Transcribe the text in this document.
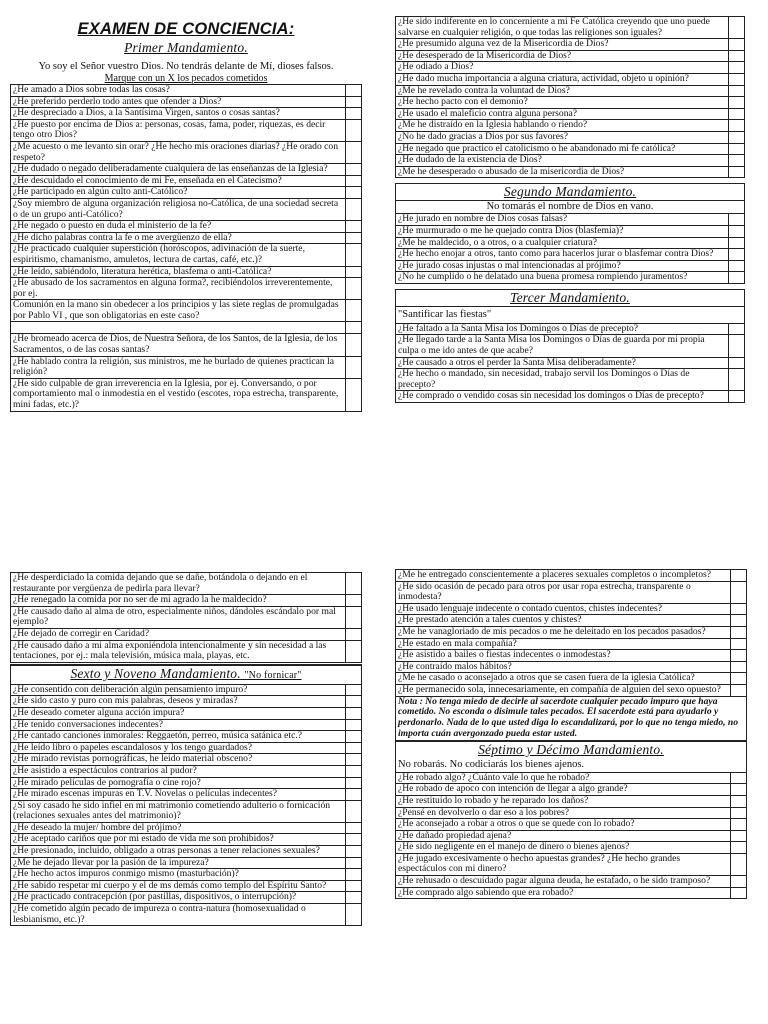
EXAMEN DE CONCIENCIA:
Primer Mandamiento.
Yo soy el Señor vuestro Dios. No tendrás delante de Mí, dioses falsos.
Marque con un X los pecados cometidos
¿He amado a Dios sobre todas las cosas?
¿He preferido perderlo todo antes que ofender a Dios?
¿He despreciado a Dios, a la Santísima Virgen, santos o cosas santas?
¿He puesto por encima de Dios a: personas, cosas, fama, poder, riquezas, es decir tengo otro Dios?
¿Me acuesto o me levanto sin orar? ¿He hecho mis oraciones diarias? ¿He orado con respeto?
¿He dudado o negado deliberadamente cualquiera de las enseñanzas de la Iglesia?
¿He descuidado el conocimiento de mi Fe, enseñada en el Catecismo?
¿He participado en algún culto anti-Católico?
¿Soy miembro de alguna organización religiosa no-Católica, de una sociedad secreta o de un grupo anti-Católico?
¿He negado o puesto en duda el ministerio de la fe?
¿He dicho palabras contra la fe o me avergüenzo de ella?
¿He practicado cualquier superstición (horóscopos, adivinación de la suerte, espiritismo, chamanismo, amuletos, lectura de cartas, café, etc.)?
¿He leído, sabiéndolo, literatura herética, blasfema o anti-Católica?
¿He abusado de los sacramentos en alguna forma?, recibiéndolos irreverentemente, por ej.
Comunión en la mano sin obedecer a los principios y las siete reglas de promulgadas por Pablo VI , que son obligatorias en este caso?
¿He bromeado acerca de Dios, de Nuestra Señora, de los Santos, de la Iglesia, de los Sacramentos, o de las cosas santas?
¿He hablado contra la religión, sus ministros, me he burlado de quienes practican la religión?
¿He sido culpable de gran irreverencia en la Iglesia, por ej. Conversando, o por comportamiento mal o inmodestia en el vestido (escotes, ropa estrecha, transparente, mini fadas, etc.)?
¿He sido indiferente en lo concerniente a mi Fe Católica creyendo que uno puede salvarse en cualquier religión, o que todas las religiones son iguales?
¿He presumido alguna vez de la Misericordia de Dios?
¿He desesperado de la Misericordia de Dios?
¿He odiado a Dios?
¿He dado mucha importancia a alguna criatura, actividad, objeto u opinión?
¿Me he revelado contra la voluntad de Dios?
¿He hecho pacto con el demonio?
¿He usado el maleficio contra alguna persona?
¿Me he distraído en la Iglesia hablando o riendo?
¿No he dado gracias a Dios por sus favores?
¿He negado que practico el catolicismo o he abandonado mi fe católica?
¿He dudado de la existencia de Dios?
¿Me he desesperado o abusado de la misericordia de Dios?
Segundo Mandamiento.
No tomarás el nombre de Dios en vano.
¿He jurado en nombre de Dios cosas falsas?
¿He murmurado o me he quejado contra Dios (blasfemia)?
¿Me he maldecido, o a otros, o a cualquier criatura?
¿He hecho enojar a otros, tanto como para hacerlos jurar o blasfemar contra Dios?
¿He jurado cosas injustas o mal intencionadas al prójimo?
¿No he cumplido o he delatado una buena promesa rompiendo juramentos?
Tercer Mandamiento.
"Santificar las fiestas"
¿He faltado a la Santa Misa los Domingos o Días de precepto?
¿He llegado tarde a la Santa Misa los Domingos o Días de guarda por mi propia culpa o me ido antes de que acabe?
¿He causado a otros el perder la Santa Misa deliberadamente?
¿He hecho o mandado, sin necesidad, trabajo servil los Domingos o Días de precepto?
¿He comprado o vendido cosas sin necesidad los domingos o Días de precepto?
¿He desperdiciado la comida dejando que se dañe, botándola o dejando en el restaurante por vergüenza de pedirla para llevar?
¿He renegado la comida por no ser de mi agrado la he maldecido?
¿He causado daño al alma de otro, especialmente niños, dándoles escándalo por mal ejemplo?
¿He dejado de corregir en Caridad?
¿He causado daño a mi alma exponiéndola intencionalmente y sin necesidad a las tentaciones, por ej.: mala televisión, música mala, playas, etc.
Sexto y Noveno Mandamiento. "No fornicar"
¿He consentido con deliberación algún pensamiento impuro?
¿He sido casto y puro con mis palabras, deseos y miradas?
¿He deseado cometer alguna acción impura?
¿He tenido conversaciones indecentes?
¿He cantado canciones inmorales: Reggaetón, perreo, música satánica etc.?
¿He leído libro o papeles escandalosos y los tengo guardados?
¿He mirado revistas pornográficas, he leído material obsceno?
¿He asistido a espectáculos contrarios al pudor?
¿He mirado películas de pornografía o cine rojo?
¿He mirado escenas impuras en T.V. Novelas o películas indecentes?
¿Si soy casado he sido infiel en mi matrimonio cometiendo adulterio o fornicación (relaciones sexuales antes del matrimonio)?
¿He deseado la mujer/ hombre del prójimo?
¿He aceptado cariños que por mi estado de vida me son prohibidos?
¿He presionado, incluido, obligado a otras personas a tener relaciones sexuales?
¿Me he dejado llevar por la pasión de la impureza?
¿He hecho actos impuros conmigo mismo (masturbación)?
¿He sabido respetar mi cuerpo y el de ms demás como templo del Espíritu Santo?
¿He practicado contracepción (por pastillas, dispositivos, o interrupción)?
¿He cometido algún pecado de impureza o contra-natura (homosexualidad o lesbianismo, etc.)?
¿Me he entregado conscientemente a placeres sexuales completos o incompletos?
¿He sido ocasión de pecado para otros por usar ropa estrecha, transparente o inmodesta?
¿He usado lenguaje indecente o contado cuentos, chistes indecentes?
¿He prestado atención a tales cuentos y chistes?
¿Me he vanagloriado de mis pecados o me he deleitado en los pecados pasados?
¿He estado en mala compañía?
¿He asistido a bailes o fiestas indecentes o inmodestas?
¿He contraído malos hábitos?
¿Me he casado o aconsejado a otros que se casen fuera de la iglesia Católica?
¿He permanecido sola, innecesariamente, en compañía de alguien del sexo opuesto?
Nota : No tenga miedo de decirle al sacerdote cualquier pecado impuro que haya cometido. No esconda o disimule tales pecados. El sacerdote está para ayudarlo y perdonarlo. Nada de lo que usted diga lo escandalizará, por lo que no tenga miedo, no importa cuán avergonzado pueda estar usted.
Séptimo y Décimo Mandamiento.
No robarás. No codiciarás los bienes ajenos.
¿He robado algo? ¿Cuánto vale lo que he robado?
¿He robado de apoco con intención de llegar a algo grande?
¿He restituido lo robado y he reparado los daños?
¿Pensé en devolverlo o dar eso a los pobres?
¿He aconsejado a robar a otros o que se quede con lo robado?
¿He dañado propiedad ajena?
¿He sido negligente en el manejo de dinero o bienes ajenos?
¿He jugado excesivamente o hecho apuestas grandes? ¿He hecho grandes espectáculos con mi dinero?
¿He rehusado o descuidado pagar alguna deuda, he estafado, o he sido tramposo?
¿He comprado algo sabiendo que era robado?
